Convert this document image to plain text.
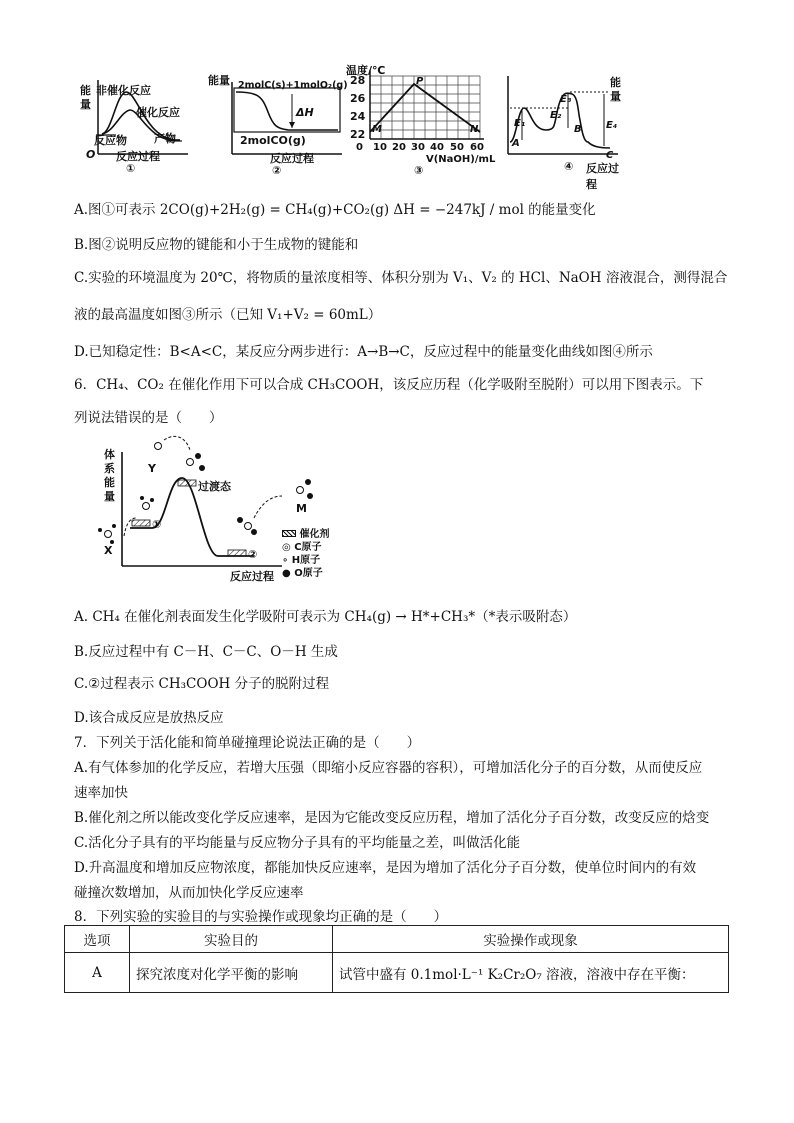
能
量
非催化反应
催化反应
反应物 产物
O 反应过程
①
能量 2molC(s)+1molO₂(g)
ΔH
2molCO(g)
反应过程
②
温度/℃
28
26
24
22
0 10 20 30 40 50 60
M
P
N
V(NaOH)/mL
③
能
量
A
B
C
E₁
E₂
E₃
E₄
反应过程
④
A.图①可表示 2CO(g)+2H₂(g) = CH₄(g)+CO₂(g) ΔH = −247kJ / mol 的能量变化
B.图②说明反应物的键能和小于生成物的键能和
C.实验的环境温度为 20℃，将物质的量浓度相等、体积分别为 V₁、V₂ 的 HCl、NaOH 溶液混合，测得混合
液的最高温度如图③所示（已知 V₁+V₂ = 60mL）
D.已知稳定性：B<A<C，某反应分两步进行：A→B→C，反应过程中的能量变化曲线如图④所示
6．CH₄、CO₂ 在催化作用下可以合成 CH₃COOH，该反应历程（化学吸附至脱附）可以用下图表示。下
列说法错误的是（　　）
体
系
能
量
X
Y
M
过渡态
①
②
反应过程
催化剂
◎ C原子
∘ H原子
● O原子
A. CH₄ 在催化剂表面发生化学吸附可表示为 CH₄(g) → H*+CH₃*（*表示吸附态）
B.反应过程中有 C－H、C－C、O－H 生成
C.②过程表示 CH₃COOH 分子的脱附过程
D.该合成反应是放热反应
7．下列关于活化能和简单碰撞理论说法正确的是（　　）
A.有气体参加的化学反应，若增大压强（即缩小反应容器的容积），可增加活化分子的百分数，从而使反应
速率加快
B.催化剂之所以能改变化学反应速率，是因为它能改变反应历程，增加了活化分子百分数，改变反应的焓变
C.活化分子具有的平均能量与反应物分子具有的平均能量之差，叫做活化能
D.升高温度和增加反应物浓度，都能加快反应速率，是因为增加了活化分子百分数，使单位时间内的有效
碰撞次数增加，从而加快化学反应速率
8．下列实验的实验目的与实验操作或现象均正确的是（　　）
选项	实验目的	实验操作或现象
A	探究浓度对化学平衡的影响	试管中盛有 0.1mol·L⁻¹ K₂Cr₂O₇ 溶液，溶液中存在平衡：
